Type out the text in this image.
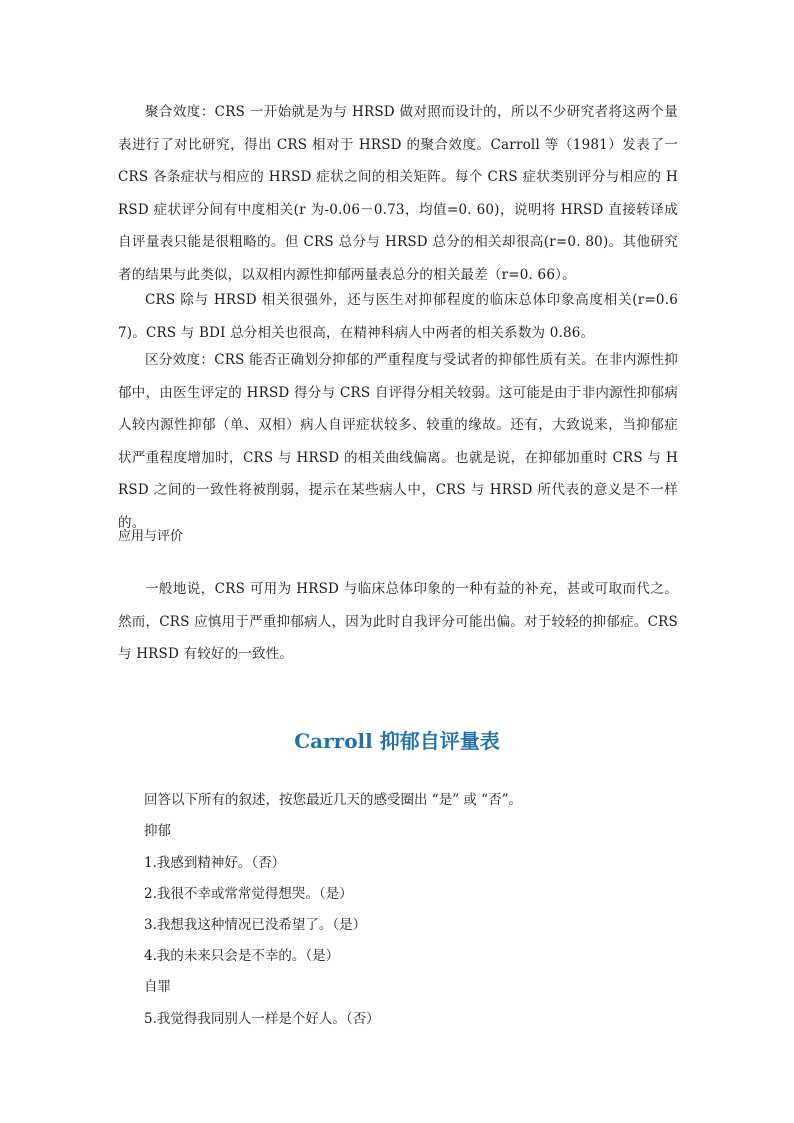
聚合效度：CRS 一开始就是为与 HRSD 做对照而设计的，所以不少研究者将这两个量表进行了对比研究，得出 CRS 相对于 HRSD 的聚合效度。Carroll 等（1981）发表了一 CRS 各条症状与相应的 HRSD 症状之间的相关矩阵。每个 CRS 症状类别评分与相应的 HRSD 症状评分间有中度相关(r 为-0.06－0.73，均值=0. 60)，说明将 HRSD 直接转译成自评量表只能是很粗略的。但 CRS 总分与 HRSD 总分的相关却很高(r=0. 80)。其他研究者的结果与此类似，以双相内源性抑郁两量表总分的相关最差（r=0. 66）。

CRS 除与 HRSD 相关很强外，还与医生对抑郁程度的临床总体印象高度相关(r=0.67)。CRS 与 BDI 总分相关也很高，在精神科病人中两者的相关系数为 0.86。

区分效度：CRS 能否正确划分抑郁的严重程度与受试者的抑郁性质有关。在非内源性抑郁中，由医生评定的 HRSD 得分与 CRS 自评得分相关较弱。这可能是由于非内源性抑郁病人较内源性抑郁（单、双相）病人自评症状较多、较重的缘故。还有，大致说来，当抑郁症状严重程度增加时，CRS 与 HRSD 的相关曲线偏离。也就是说，在抑郁加重时 CRS 与 HRSD 之间的一致性将被削弱，提示在某些病人中，CRS 与 HRSD 所代表的意义是不一样的。

应用与评价

一般地说，CRS 可用为 HRSD 与临床总体印象的一种有益的补充，甚或可取而代之。然而，CRS 应慎用于严重抑郁病人，因为此时自我评分可能出偏。对于较轻的抑郁症。CRS 与 HRSD 有较好的一致性。

Carroll 抑郁自评量表

回答以下所有的叙述，按您最近几天的感受圈出 “是” 或 “否”。

抑郁

1.我感到精神好。（否）

2.我很不幸或常常觉得想哭。（是）

3.我想我这种情况已没希望了。（是）

4.我的未来只会是不幸的。（是）

自罪

5.我觉得我同别人一样是个好人。（否）
